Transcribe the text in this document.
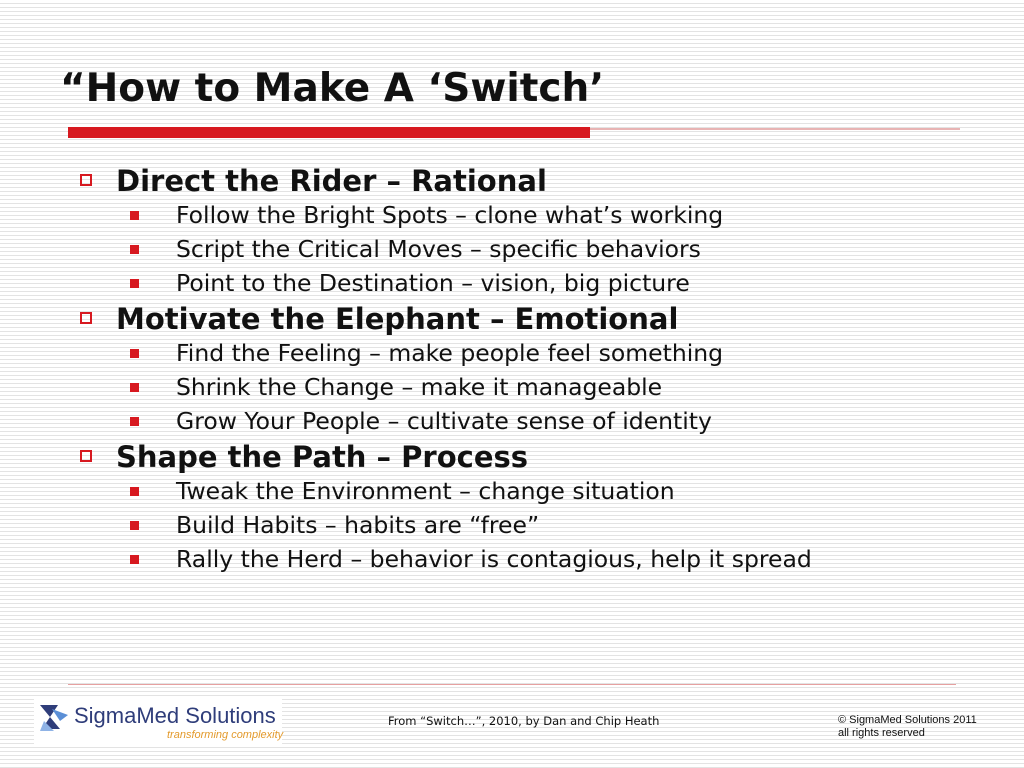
“How to Make A ‘Switch’
Direct the Rider – Rational
Follow the Bright Spots – clone what’s working
Script the Critical Moves – specific behaviors
Point to the Destination – vision, big picture
Motivate the Elephant – Emotional
Find the Feeling – make people feel something
Shrink the Change – make it manageable
Grow Your People – cultivate sense of identity
Shape the Path – Process
Tweak the Environment – change situation
Build Habits – habits are “free”
Rally the Herd – behavior is contagious, help it spread
SigmaMed Solutions
transforming complexity
From “Switch…”, 2010, by Dan and Chip Heath	© SigmaMed Solutions 2011
all rights reserved
